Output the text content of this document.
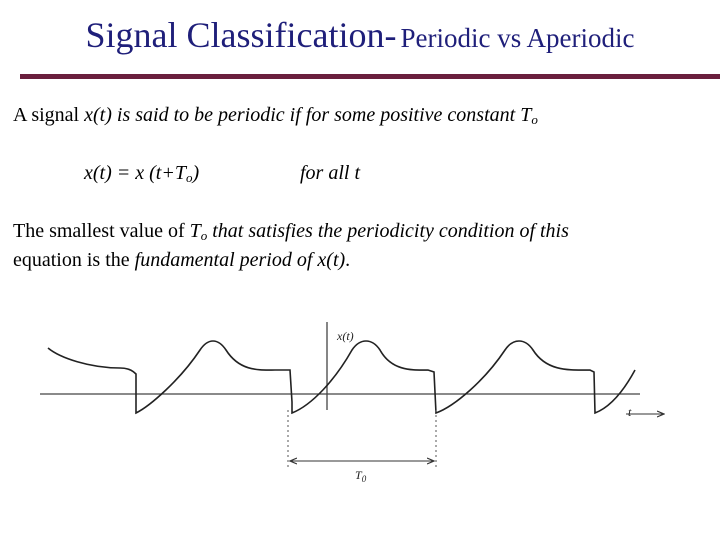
Signal Classification- Periodic vs Aperiodic
A signal x(t) is said to be periodic if for some positive constant $T_o$
x(t) = x $(t+T_o)$	for all t
The smallest value of $T_o$ that satisfies the periodicity condition of this
equation is the fundamental period of x(t).
t
x(t)
$T_0$
